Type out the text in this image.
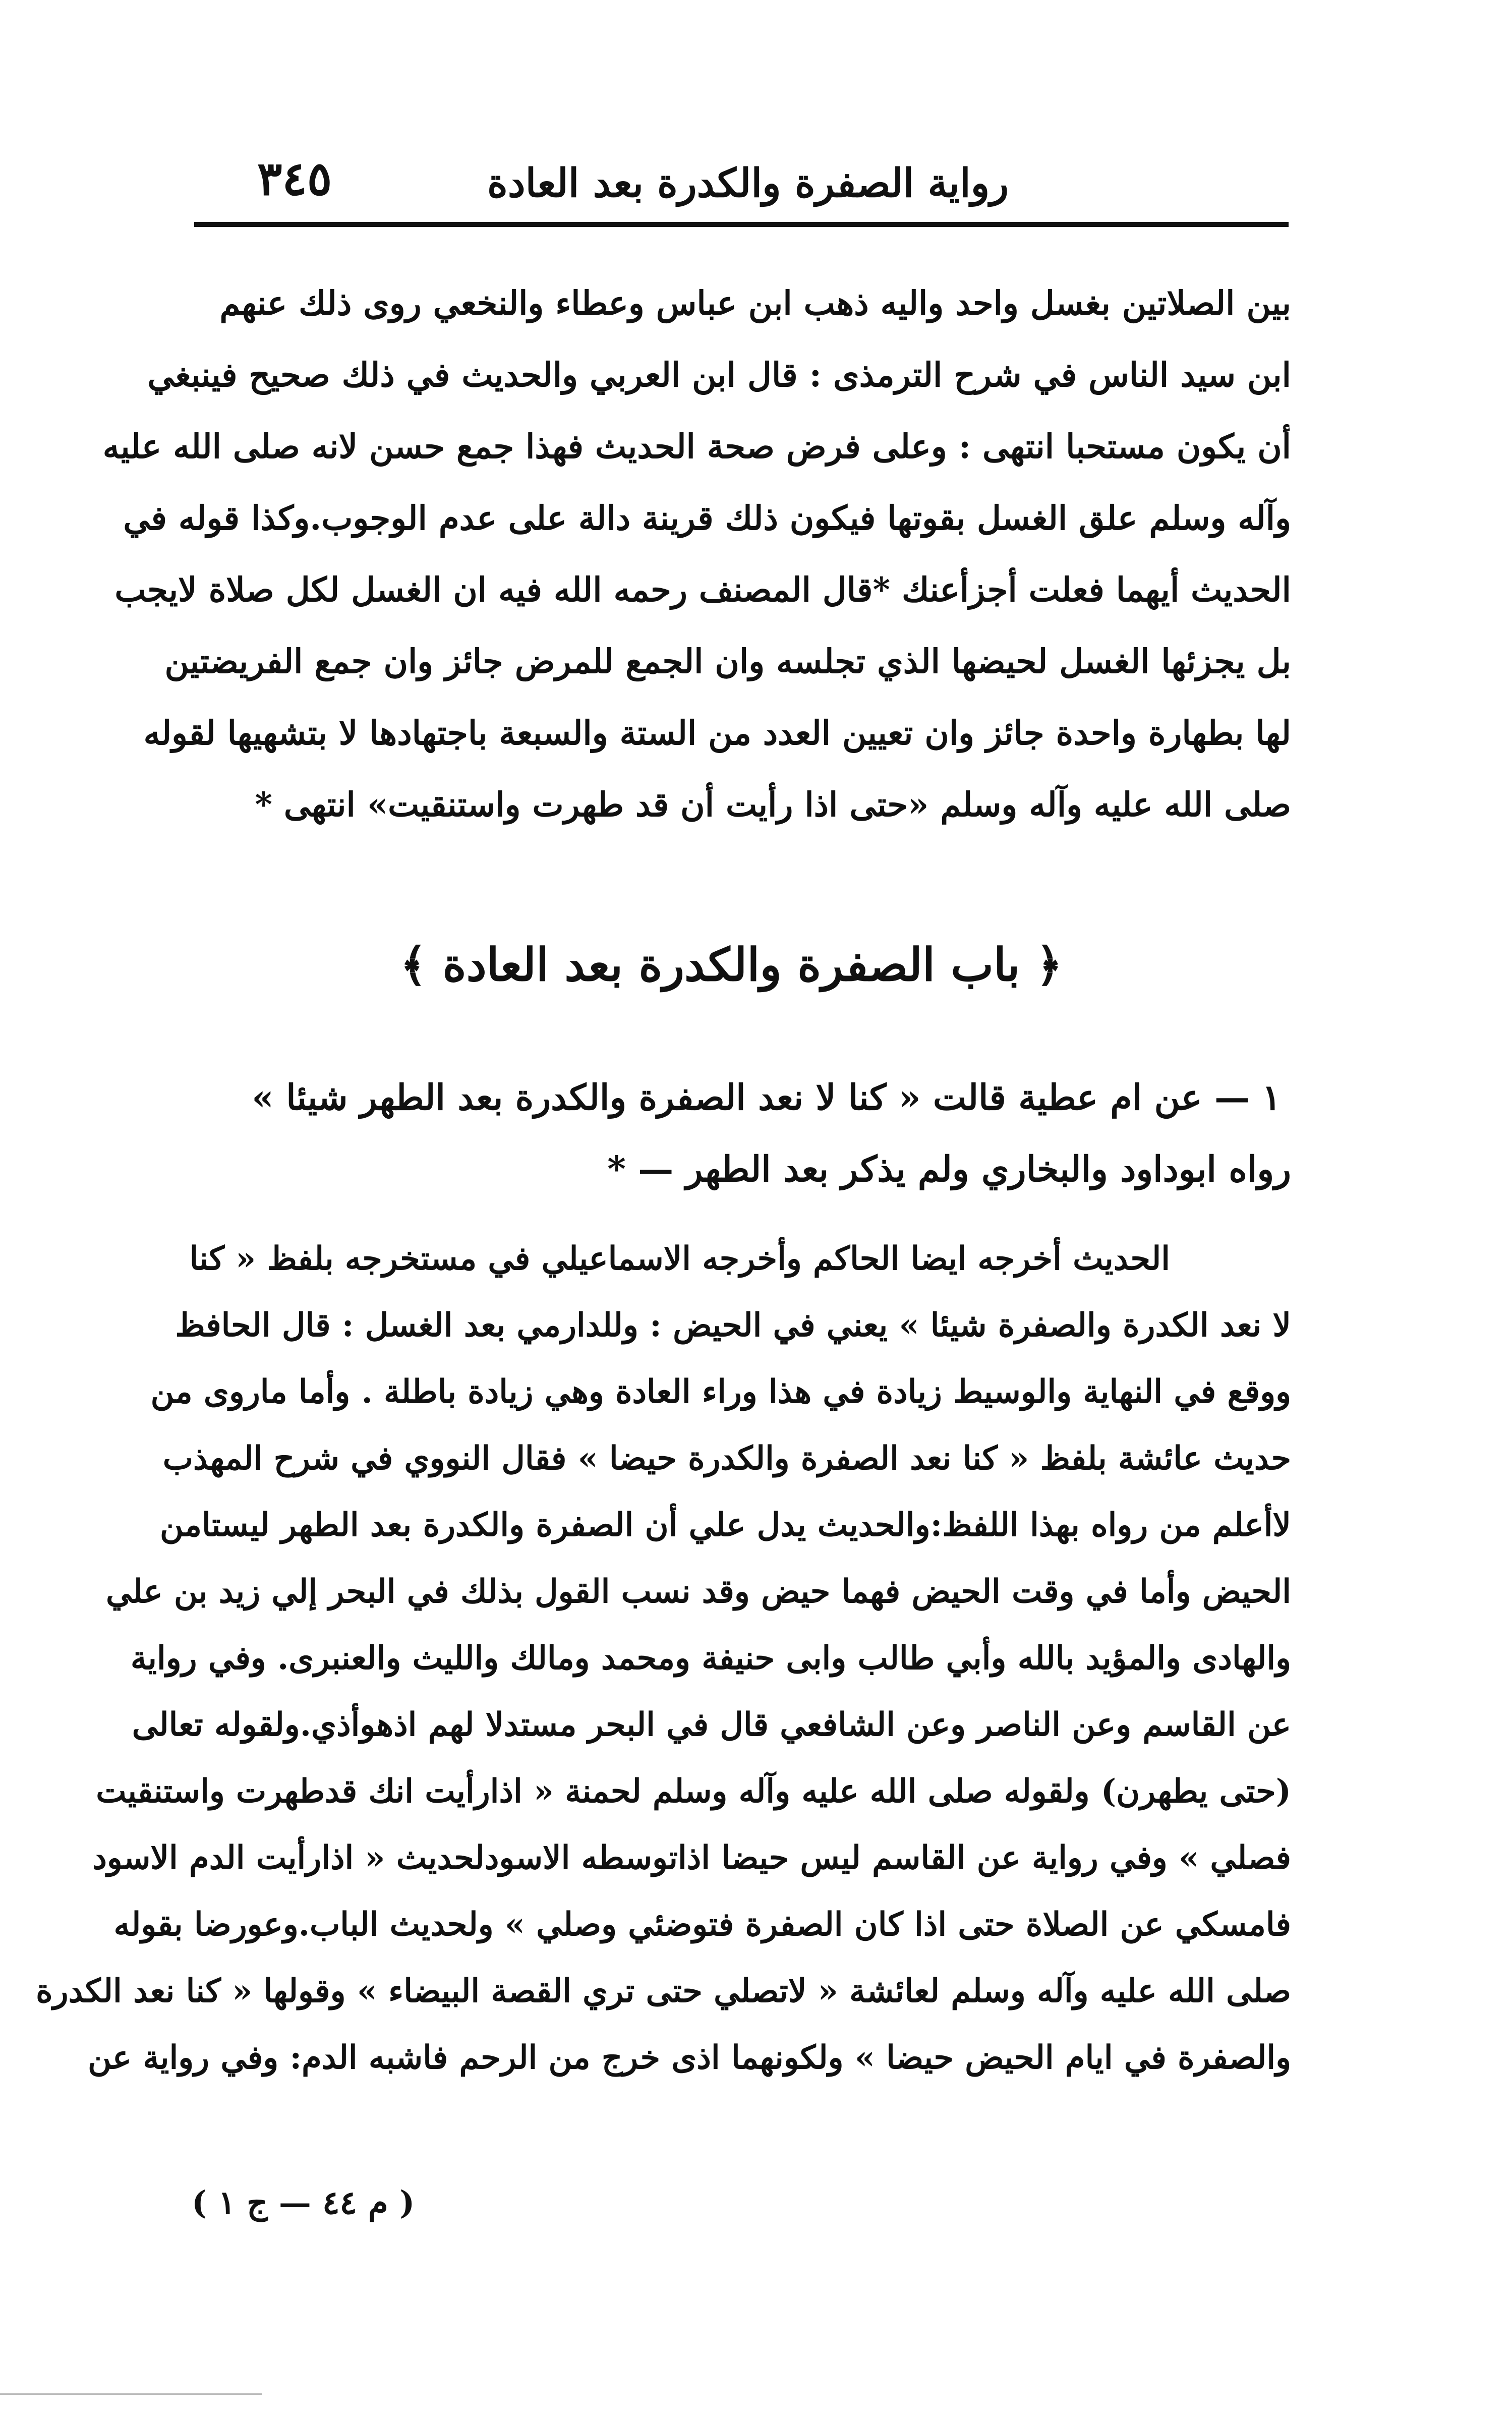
رواية الصفرة والكدرة بعد العادة
٣٤٥
بين الصلاتين بغسل واحد واليه ذهب ابن عباس وعطاء والنخعي روى ذلك عنهم
ابن سيد الناس في شرح الترمذى : قال ابن العربي والحديث في ذلك صحيح فينبغي
أن يكون مستحبا انتهى : وعلى فرض صحة الحديث فهذا جمع حسن لانه صلى الله عليه
وآله وسلم علق الغسل بقوتها فيكون ذلك قرينة دالة على عدم الوجوب.وكذا قوله في
الحديث أيهما فعلت أجزأعنك *قال المصنف رحمه الله فيه ان الغسل لكل صلاة لايجب
بل يجزئها الغسل لحيضها الذي تجلسه وان الجمع للمرض جائز وان جمع الفريضتين
لها بطهارة واحدة جائز وان تعيين العدد من الستة والسبعة باجتهادها لا بتشهيها لقوله
صلى الله عليه وآله وسلم «حتى اذا رأيت أن قد طهرت واستنقيت» انتهى *
﴿ باب الصفرة والكدرة بعد العادة ﴾
١ — عن ام عطية قالت « كنا لا نعد الصفرة والكدرة بعد الطهر شيئا »
رواه ابوداود والبخاري ولم يذكر بعد الطهر — *
الحديث أخرجه ايضا الحاكم وأخرجه الاسماعيلي في مستخرجه بلفظ « كنا
لا نعد الكدرة والصفرة شيئا » يعني في الحيض : وللدارمي بعد الغسل : قال الحافظ
ووقع في النهاية والوسيط زيادة في هذا وراء العادة وهي زيادة باطلة . وأما ماروى من
حديث عائشة بلفظ « كنا نعد الصفرة والكدرة حيضا » فقال النووي في شرح المهذب
لاأعلم من رواه بهذا اللفظ:والحديث يدل علي أن الصفرة والكدرة بعد الطهر ليستامن
الحيض وأما في وقت الحيض فهما حيض وقد نسب القول بذلك في البحر إلي زيد بن علي
والهادى والمؤيد بالله وأبي طالب وابى حنيفة ومحمد ومالك والليث والعنبرى. وفي رواية
عن القاسم وعن الناصر وعن الشافعي قال في البحر مستدلا لهم اذهوأذي.ولقوله تعالى
(حتى يطهرن) ولقوله صلى الله عليه وآله وسلم لحمنة « اذارأيت انك قدطهرت واستنقيت
فصلي » وفي رواية عن القاسم ليس حيضا اذاتوسطه الاسودلحديث « اذارأيت الدم الاسود
فامسكي عن الصلاة حتى اذا كان الصفرة فتوضئي وصلي » ولحديث الباب.وعورضا بقوله
صلى الله عليه وآله وسلم لعائشة « لاتصلي حتى تري القصة البيضاء » وقولها « كنا نعد الكدرة
والصفرة في ايام الحيض حيضا » ولكونهما اذى خرج من الرحم فاشبه الدم: وفي رواية عن
( م ٤٤ — ج ١ )
